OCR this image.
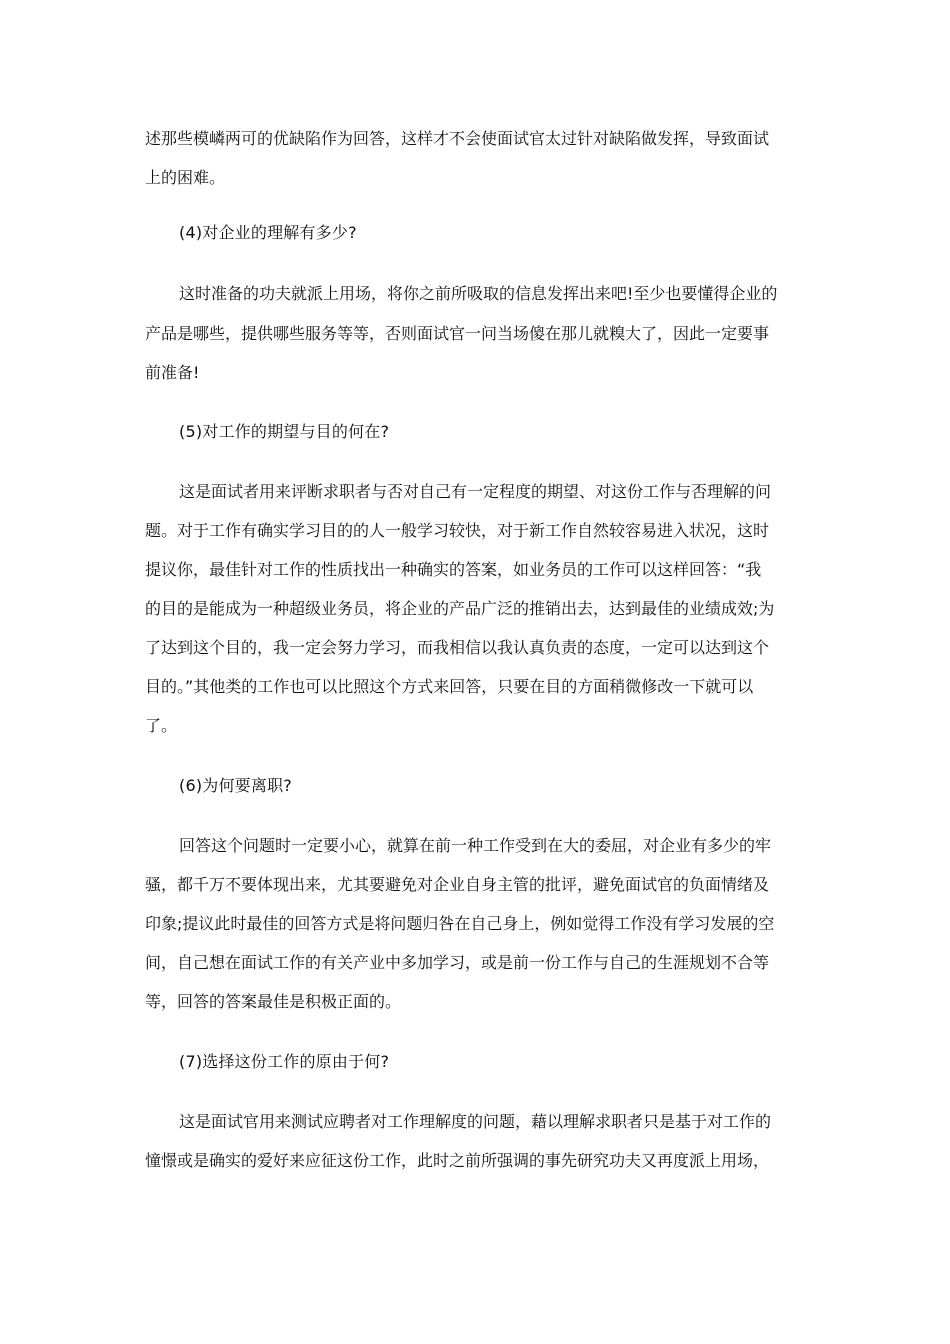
述那些模嶙两可的优缺陷作为回答，这样才不会使面试官太过针对缺陷做发挥，导致面试

上的困难。

(4)对企业的理解有多少?

这时准备的功夫就派上用场，将你之前所吸取的信息发挥出来吧!至少也要懂得企业的

产品是哪些，提供哪些服务等等，否则面试官一问当场傻在那儿就糗大了，因此一定要事

前准备!

(5)对工作的期望与目的何在?

这是面试者用来评断求职者与否对自己有一定程度的期望、对这份工作与否理解的问

题。对于工作有确实学习目的的人一般学习较快，对于新工作自然较容易进入状况，这时

提议你，最佳针对工作的性质找出一种确实的答案，如业务员的工作可以这样回答：“我

的目的是能成为一种超级业务员，将企业的产品广泛的推销出去，达到最佳的业绩成效;为

了达到这个目的，我一定会努力学习，而我相信以我认真负责的态度，一定可以达到这个

目的。”其他类的工作也可以比照这个方式来回答，只要在目的方面稍微修改一下就可以

了。

(6)为何要离职?

回答这个问题时一定要小心，就算在前一种工作受到在大的委屈，对企业有多少的牢

骚，都千万不要体现出来，尤其要避免对企业自身主管的批评，避免面试官的负面情绪及

印象;提议此时最佳的回答方式是将问题归咎在自己身上，例如觉得工作没有学习发展的空

间，自己想在面试工作的有关产业中多加学习，或是前一份工作与自己的生涯规划不合等

等，回答的答案最佳是积极正面的。

(7)选择这份工作的原由于何?

这是面试官用来测试应聘者对工作理解度的问题，藉以理解求职者只是基于对工作的

憧憬或是确实的爱好来应征这份工作，此时之前所强调的事先研究功夫又再度派上用场，
